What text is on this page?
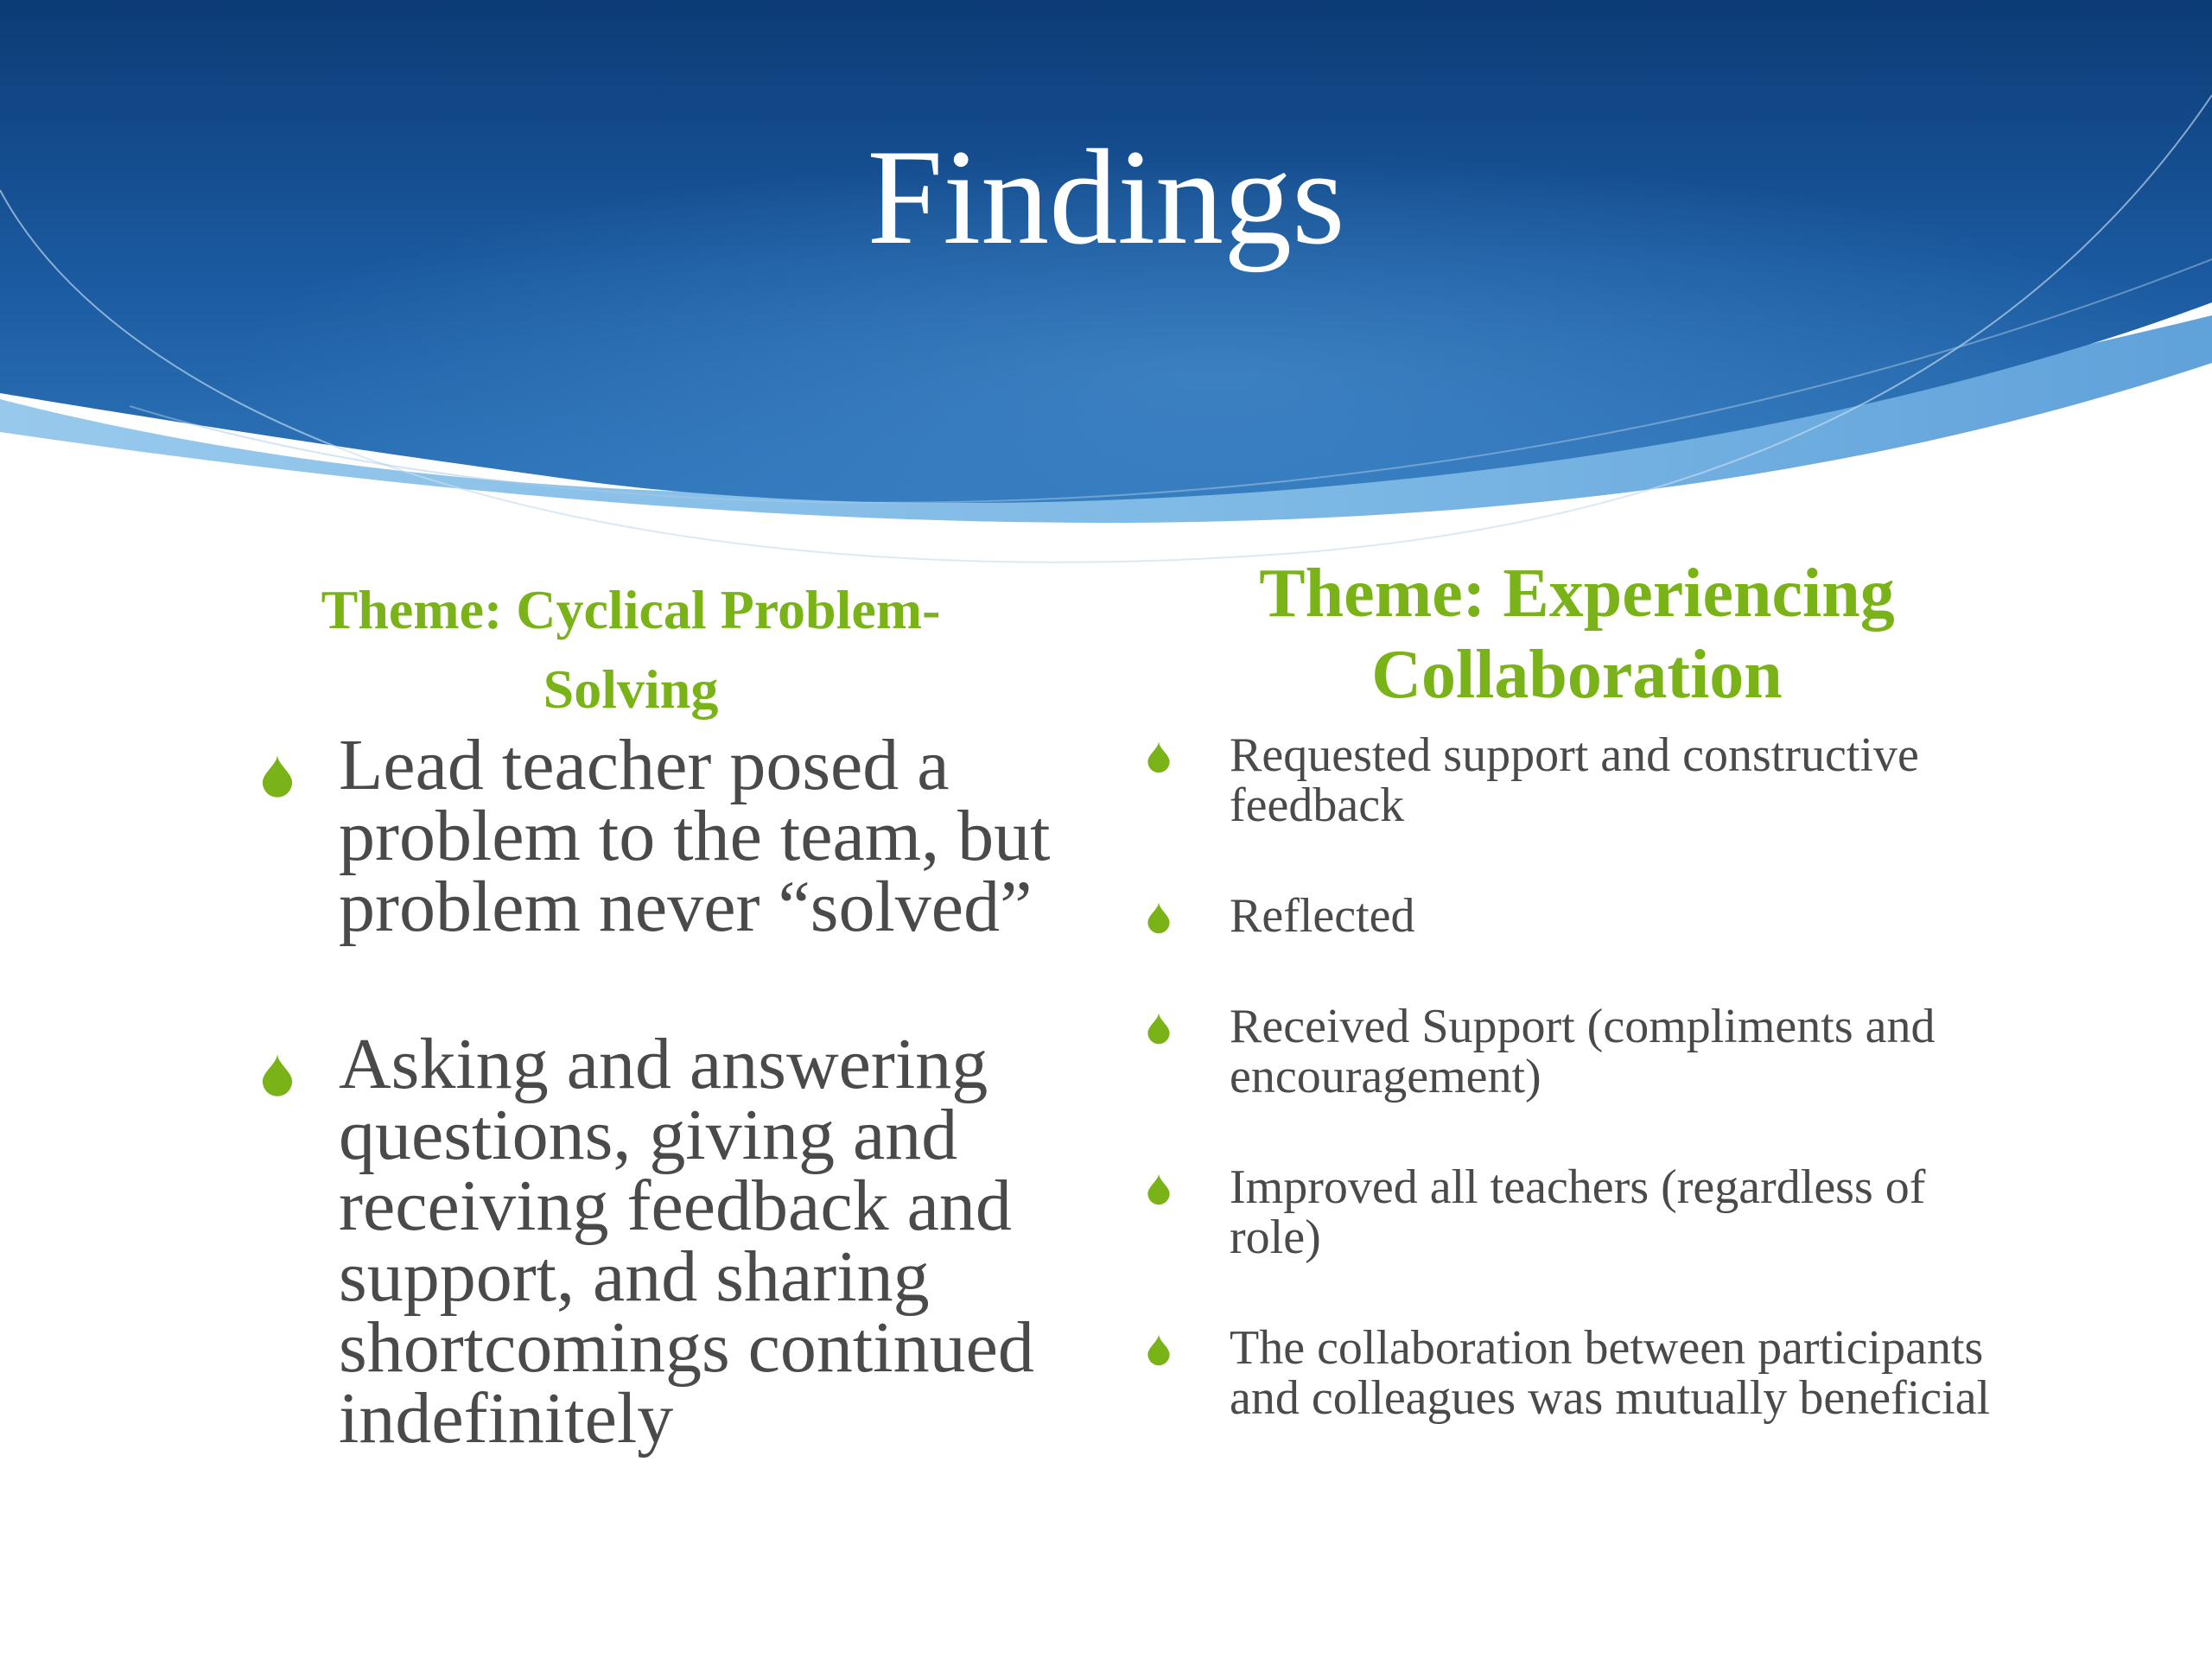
Findings
Theme: Cyclical Problem-Solving
Theme: Experiencing Collaboration
Lead teacher posed a problem to the team, but problem never “solved”
Asking and answering questions, giving and receiving feedback and support, and sharing shortcomings continued indefinitely
Requested support and constructive feedback
Reflected
Received Support (compliments and encouragement)
Improved all teachers (regardless of role)
The collaboration between participants and colleagues was mutually beneficial
